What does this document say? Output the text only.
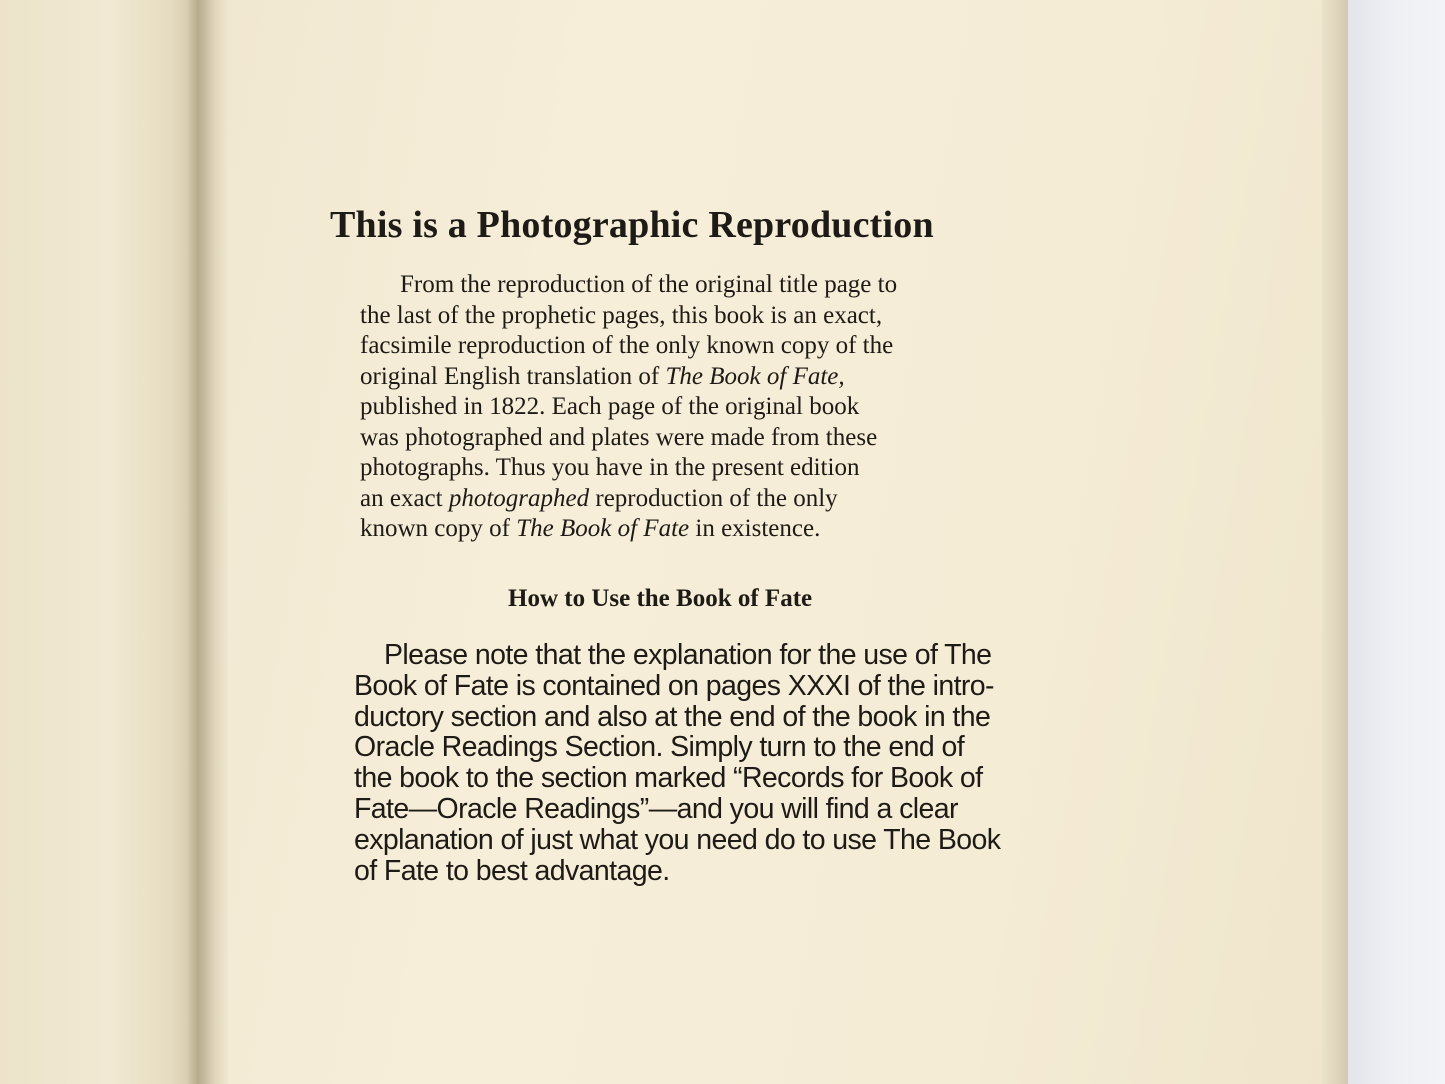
This is a Photographic Reproduction
From the reproduction of the original title page to
the last of the prophetic pages, this book is an exact,
facsimile reproduction of the only known copy of the
original English translation of The Book of Fate,
published in 1822. Each page of the original book
was photographed and plates were made from these
photographs. Thus you have in the present edition
an exact photographed reproduction of the only
known copy of The Book of Fate in existence.
How to Use the Book of Fate
Please note that the explanation for the use of The
Book of Fate is contained on pages XXXI of the intro-
ductory section and also at the end of the book in the
Oracle Readings Section. Simply turn to the end of
the book to the section marked “Records for Book of
Fate—Oracle Readings”—and you will find a clear
explanation of just what you need do to use The Book
of Fate to best advantage.
